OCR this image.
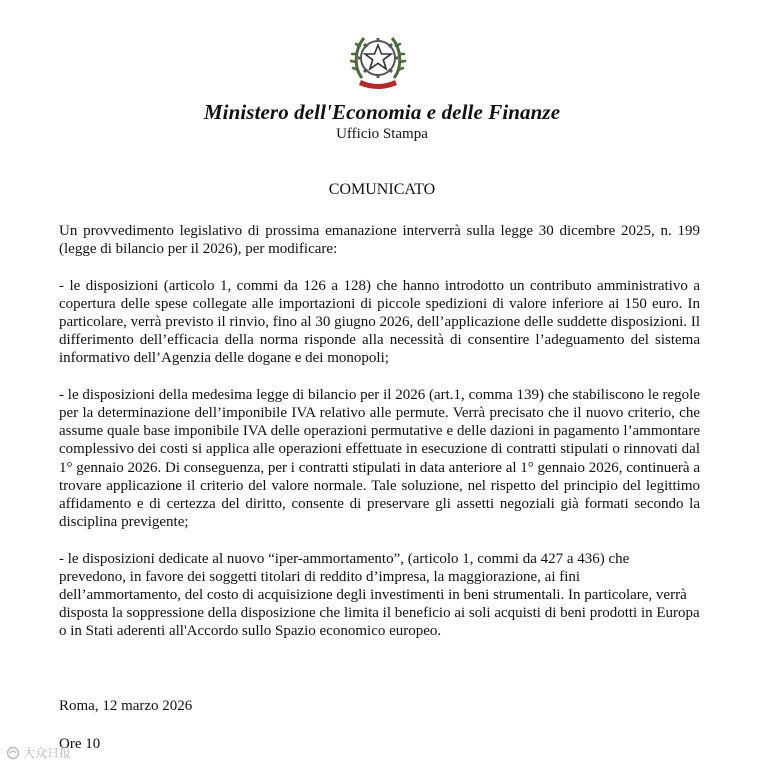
Ministero dell'Economia e delle Finanze
Ufficio Stampa
COMUNICATO

Un provvedimento legislativo di prossima emanazione interverrà sulla legge 30 dicembre 2025, n. 199 (legge di bilancio per il 2026), per modificare:

- le disposizioni (articolo 1, commi da 126 a 128) che hanno introdotto un contributo amministrativo a copertura delle spese collegate alle importazioni di piccole spedizioni di valore inferiore ai 150 euro. In particolare, verrà previsto il rinvio, fino al 30 giugno 2026, dell’applicazione delle suddette disposizioni. Il differimento dell’efficacia della norma risponde alla necessità di consentire l’adeguamento del sistema informativo dell’Agenzia delle dogane e dei monopoli;

- le disposizioni della medesima legge di bilancio per il 2026 (art.1, comma 139) che stabiliscono le regole per la determinazione dell’imponibile IVA relativo alle permute. Verrà precisato che il nuovo criterio, che assume quale base imponibile IVA delle operazioni permutative e delle dazioni in pagamento l’ammontare complessivo dei costi si applica alle operazioni effettuate in esecuzione di contratti stipulati o rinnovati dal 1° gennaio 2026. Di conseguenza, per i contratti stipulati in data anteriore al 1° gennaio 2026, continuerà a trovare applicazione il criterio del valore normale. Tale soluzione, nel rispetto del principio del legittimo affidamento e di certezza del diritto, consente di preservare gli assetti negoziali già formati secondo la disciplina previgente;

- le disposizioni dedicate al nuovo “iper-ammortamento”, (articolo 1, commi da 427 a 436) che prevedono, in favore dei soggetti titolari di reddito d’impresa, la maggiorazione, ai fini dell’ammortamento, del costo di acquisizione degli investimenti in beni strumentali. In particolare, verrà disposta la soppressione della disposizione che limita il beneficio ai soli acquisti di beni prodotti in Europa o in Stati aderenti all'Accordo sullo Spazio economico europeo.

Roma, 12 marzo 2026
Ore 10
大众日报
